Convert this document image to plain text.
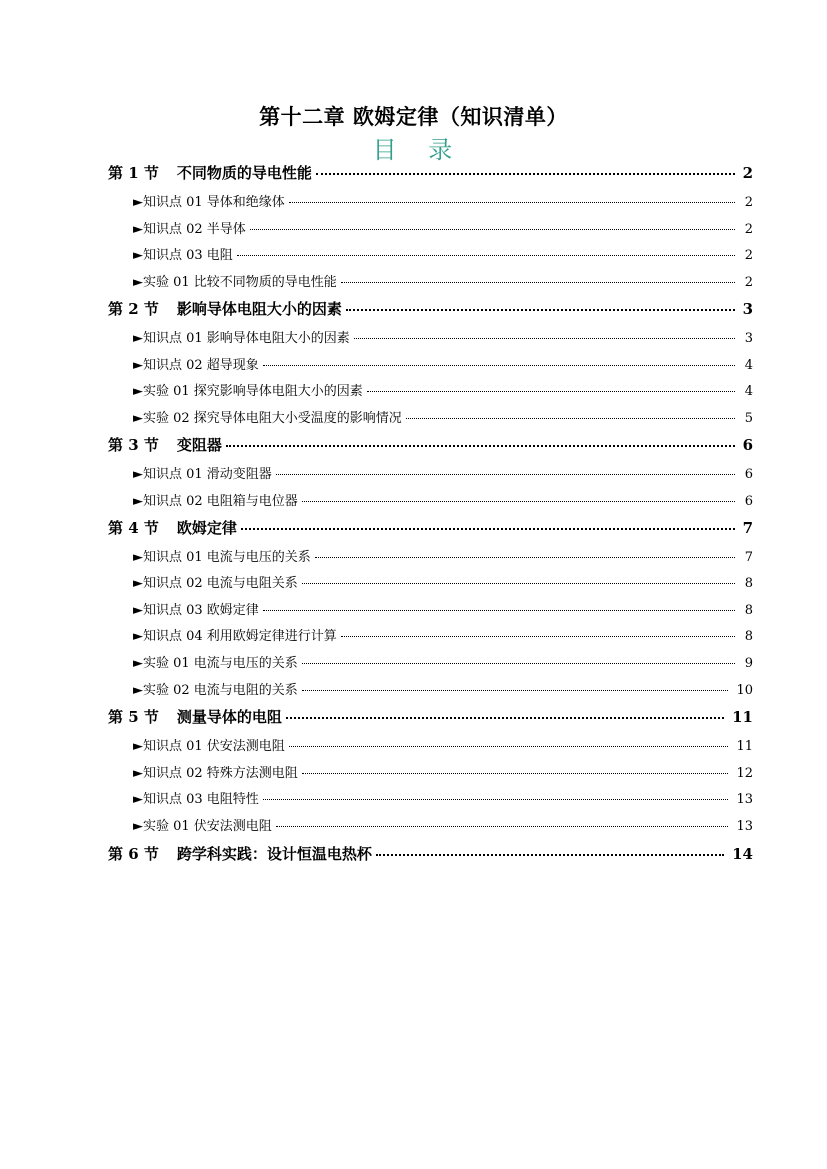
第十二章 欧姆定律（知识清单）
目 录
第 1 节 不同物质的导电性能	2
►知识点 01 导体和绝缘体	2
►知识点 02 半导体	2
►知识点 03 电阻	2
►实验 01 比较不同物质的导电性能	2
第 2 节 影响导体电阻大小的因素	3
►知识点 01 影响导体电阻大小的因素	3
►知识点 02 超导现象	4
►实验 01 探究影响导体电阻大小的因素	4
►实验 02 探究导体电阻大小受温度的影响情况	5
第 3 节 变阻器	6
►知识点 01 滑动变阻器	6
►知识点 02 电阻箱与电位器	6
第 4 节 欧姆定律	7
►知识点 01 电流与电压的关系	7
►知识点 02 电流与电阻关系	8
►知识点 03 欧姆定律	8
►知识点 04 利用欧姆定律进行计算	8
►实验 01 电流与电压的关系	9
►实验 02 电流与电阻的关系	10
第 5 节 测量导体的电阻	11
►知识点 01 伏安法测电阻	11
►知识点 02 特殊方法测电阻	12
►知识点 03 电阻特性	13
►实验 01 伏安法测电阻	13
第 6 节 跨学科实践：设计恒温电热杯	14
